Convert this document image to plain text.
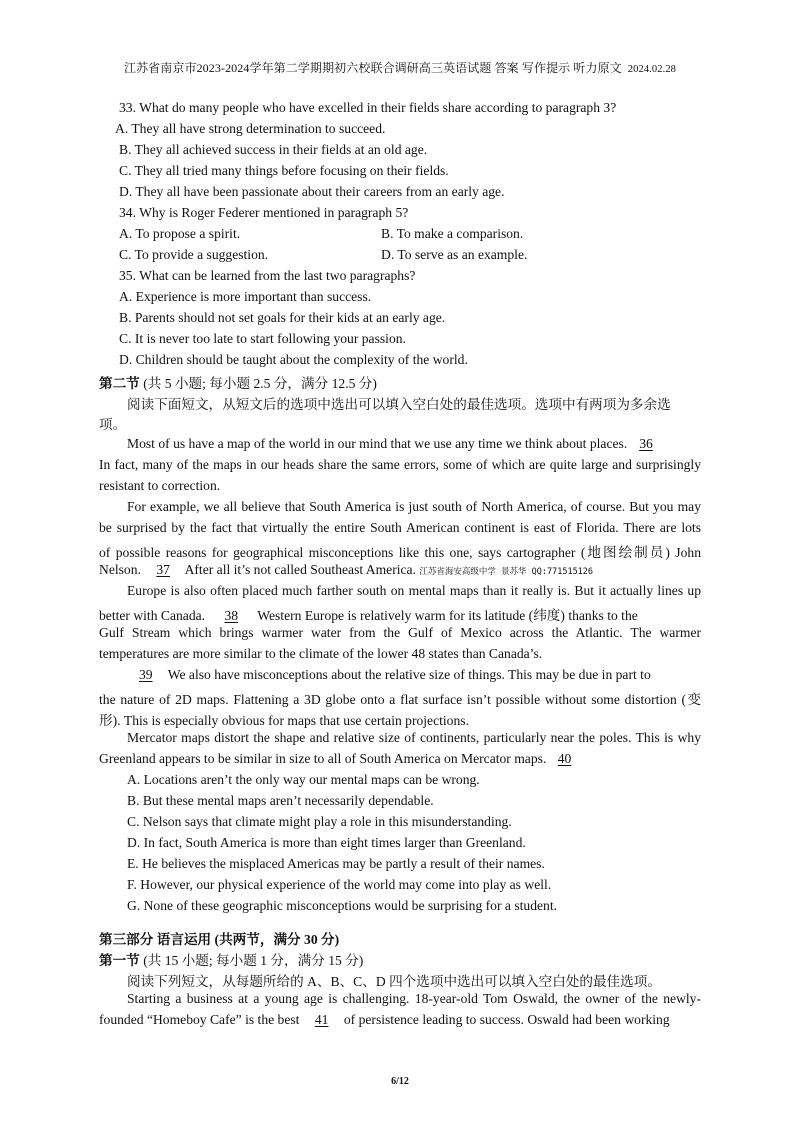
江苏省南京市2023-2024学年第二学期期初六校联合调研高三英语试题 答案 写作提示 听力原文 2024.02.28
33. What do many people who have excelled in their fields share according to paragraph 3?
A. They all have strong determination to succeed.
B. They all achieved success in their fields at an old age.
C. They all tried many things before focusing on their fields.
D. They all have been passionate about their careers from an early age.
34. Why is Roger Federer mentioned in paragraph 5?
A. To propose a spirit.	B. To make a comparison.
C. To provide a suggestion.	D. To serve as an example.
35. What can be learned from the last two paragraphs?
A. Experience is more important than success.
B. Parents should not set goals for their kids at an early age.
C. It is never too late to start following your passion.
D. Children should be taught about the complexity of the world.
第二节 (共 5 小题; 每小题 2.5 分，满分 12.5 分)
阅读下面短文，从短文后的选项中选出可以填入空白处的最佳选项。选项中有两项为多余选
项。
Most of us have a map of the world in our mind that we use any time we think about places. 36
In fact, many of the maps in our heads share the same errors, some of which are quite large and surprisingly
resistant to correction.
For example, we all believe that South America is just south of North America, of course. But you may
be surprised by the fact that virtually the entire South American continent is east of Florida. There are lots
of possible reasons for geographical misconceptions like this one, says cartographer (地图绘制员) John
Nelson. 37 After all it’s not called Southeast America. 江苏省海安高级中学 景苏华 QQ:771515126
Europe is also often placed much farther south on mental maps than it really is. But it actually lines up
better with Canada. 38 Western Europe is relatively warm for its latitude (纬度) thanks to the
Gulf Stream which brings warmer water from the Gulf of Mexico across the Atlantic. The warmer
temperatures are more similar to the climate of the lower 48 states than Canada’s.
39 We also have misconceptions about the relative size of things. This may be due in part to
the nature of 2D maps. Flattening a 3D globe onto a flat surface isn’t possible without some distortion (变
形). This is especially obvious for maps that use certain projections.
Mercator maps distort the shape and relative size of continents, particularly near the poles. This is why
Greenland appears to be similar in size to all of South America on Mercator maps. 40
A. Locations aren’t the only way our mental maps can be wrong.
B. But these mental maps aren’t necessarily dependable.
C. Nelson says that climate might play a role in this misunderstanding.
D. In fact, South America is more than eight times larger than Greenland.
E. He believes the misplaced Americas may be partly a result of their names.
F. However, our physical experience of the world may come into play as well.
G. None of these geographic misconceptions would be surprising for a student.
第三部分 语言运用 (共两节，满分 30 分)
第一节 (共 15 小题; 每小题 1 分，满分 15 分)
阅读下列短文，从每题所给的 A、B、C、D 四个选项中选出可以填入空白处的最佳选项。
Starting a business at a young age is challenging. 18-year-old Tom Oswald, the owner of the newly-
founded “Homeboy Cafe” is the best 41 of persistence leading to success. Oswald had been working
6/12
